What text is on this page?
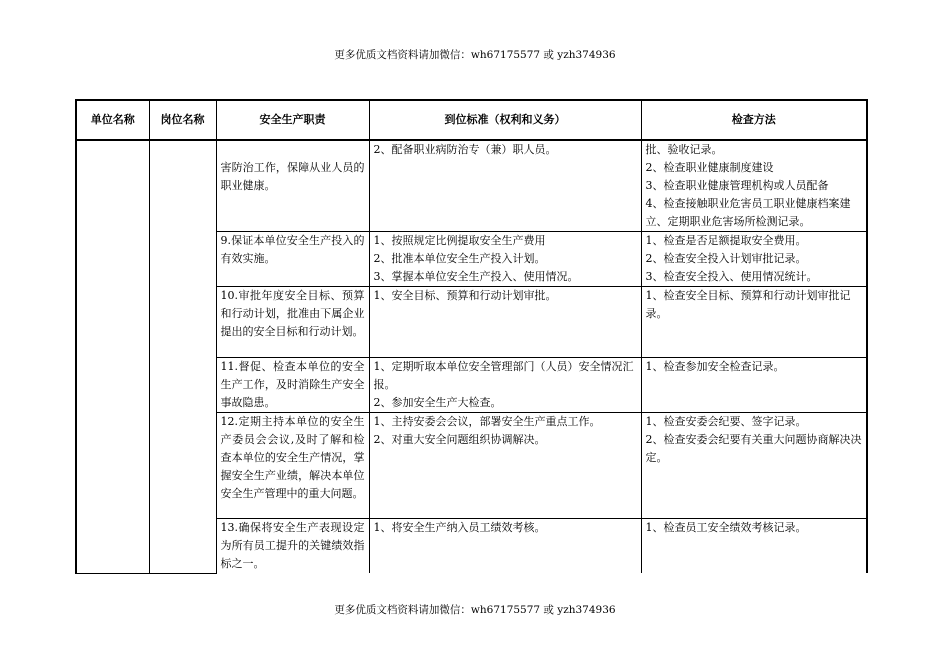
更多优质文档资料请加微信：wh67175577 或 yzh374936
单位名称	岗位名称	安全生产职责	到位标准（权利和义务）	检查方法

		害防治工作，保障从业人员的职业健康。	2、配备职业病防治专（兼）职人员。	批、验收记录。
2、检查职业健康制度建设
3、检查职业健康管理机构或人员配备
4、检查接触职业危害员工职业健康档案建立、定期职业危害场所检测记录。

		9.保证本单位安全生产投入的有效实施。	1、按照规定比例提取安全生产费用
2、批准本单位安全生产投入计划。
3、掌握本单位安全生产投入、使用情况。	1、检查是否足额提取安全费用。
2、检查安全投入计划审批记录。
3、检查安全投入、使用情况统计。

		10.审批年度安全目标、预算和行动计划，批准由下属企业提出的安全目标和行动计划。	1、安全目标、预算和行动计划审批。	1、检查安全目标、预算和行动计划审批记录。

		11.督促、检查本单位的安全生产工作，及时消除生产安全事故隐患。	1、定期听取本单位安全管理部门（人员）安全情况汇报。
2、参加安全生产大检查。	1、检查参加安全检查记录。

		12.定期主持本单位的安全生产委员会会议,及时了解和检查本单位的安全生产情况，掌握安全生产业绩，解决本单位安全生产管理中的重大问题。	1、主持安委会会议，部署安全生产重点工作。
2、对重大安全问题组织协调解决。	1、检查安委会纪要、签字记录。
2、检查安委会纪要有关重大问题协商解决决定。

		13.确保将安全生产表现设定为所有员工提升的关键绩效指标之一。	1、将安全生产纳入员工绩效考核。	1、检查员工安全绩效考核记录。
更多优质文档资料请加微信：wh67175577 或 yzh374936
